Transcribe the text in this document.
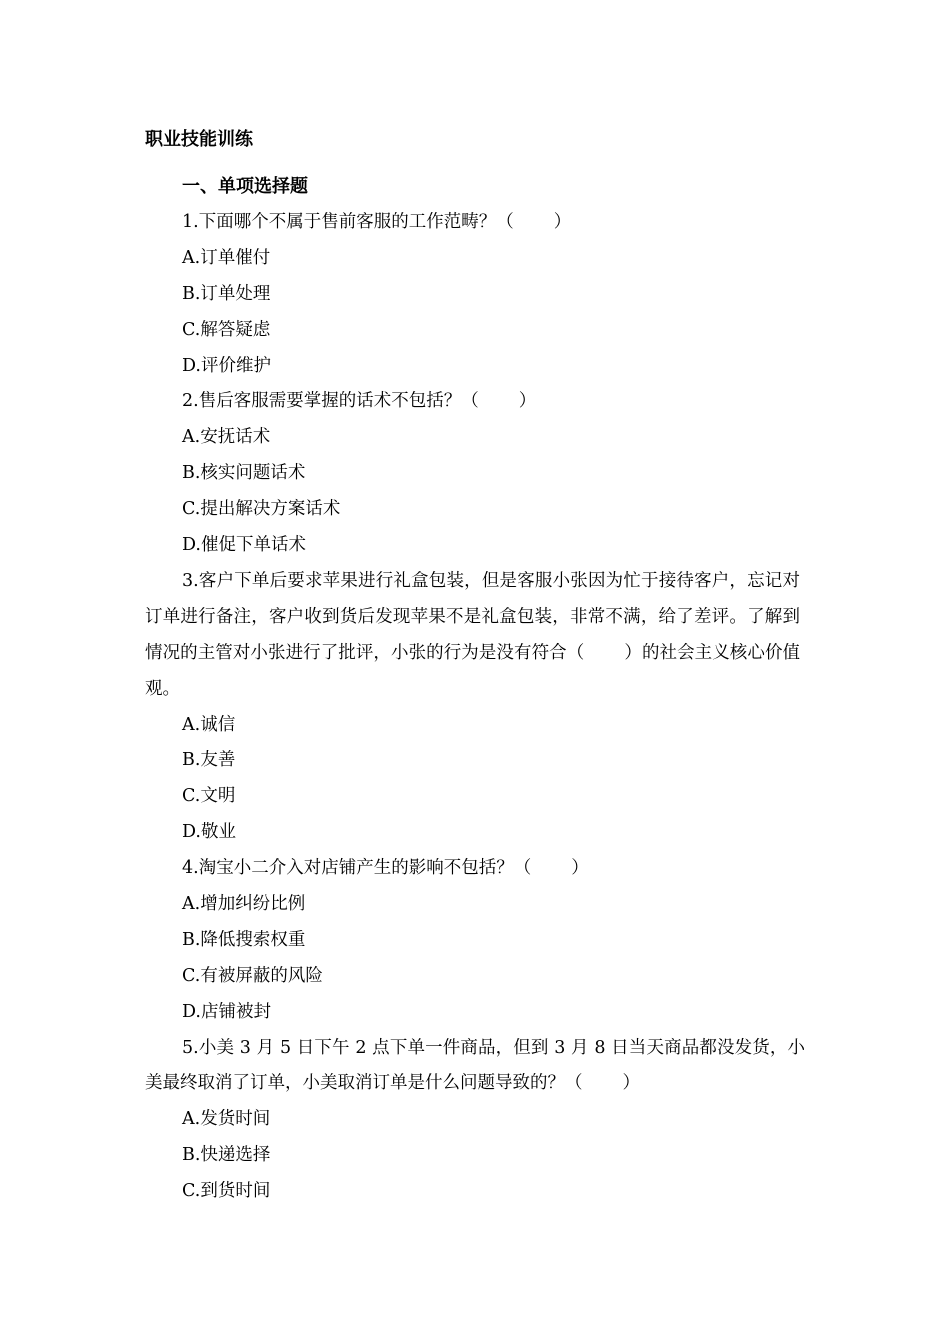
职业技能训练
一、单项选择题
1.下面哪个不属于售前客服的工作范畴？（ ）
A.订单催付
B.订单处理
C.解答疑虑
D.评价维护
2.售后客服需要掌握的话术不包括？（ ）
A.安抚话术
B.核实问题话术
C.提出解决方案话术
D.催促下单话术
3.客户下单后要求苹果进行礼盒包装，但是客服小张因为忙于接待客户，忘记对订单进行备注，客户收到货后发现苹果不是礼盒包装，非常不满，给了差评。了解到情况的主管对小张进行了批评，小张的行为是没有符合（ ）的社会主义核心价值观。
A.诚信
B.友善
C.文明
D.敬业
4.淘宝小二介入对店铺产生的影响不包括？（ ）
A.增加纠纷比例
B.降低搜索权重
C.有被屏蔽的风险
D.店铺被封
5.小美 3 月 5 日下午 2 点下单一件商品，但到 3 月 8 日当天商品都没发货，小美最终取消了订单，小美取消订单是什么问题导致的？（ ）
A.发货时间
B.快递选择
C.到货时间
